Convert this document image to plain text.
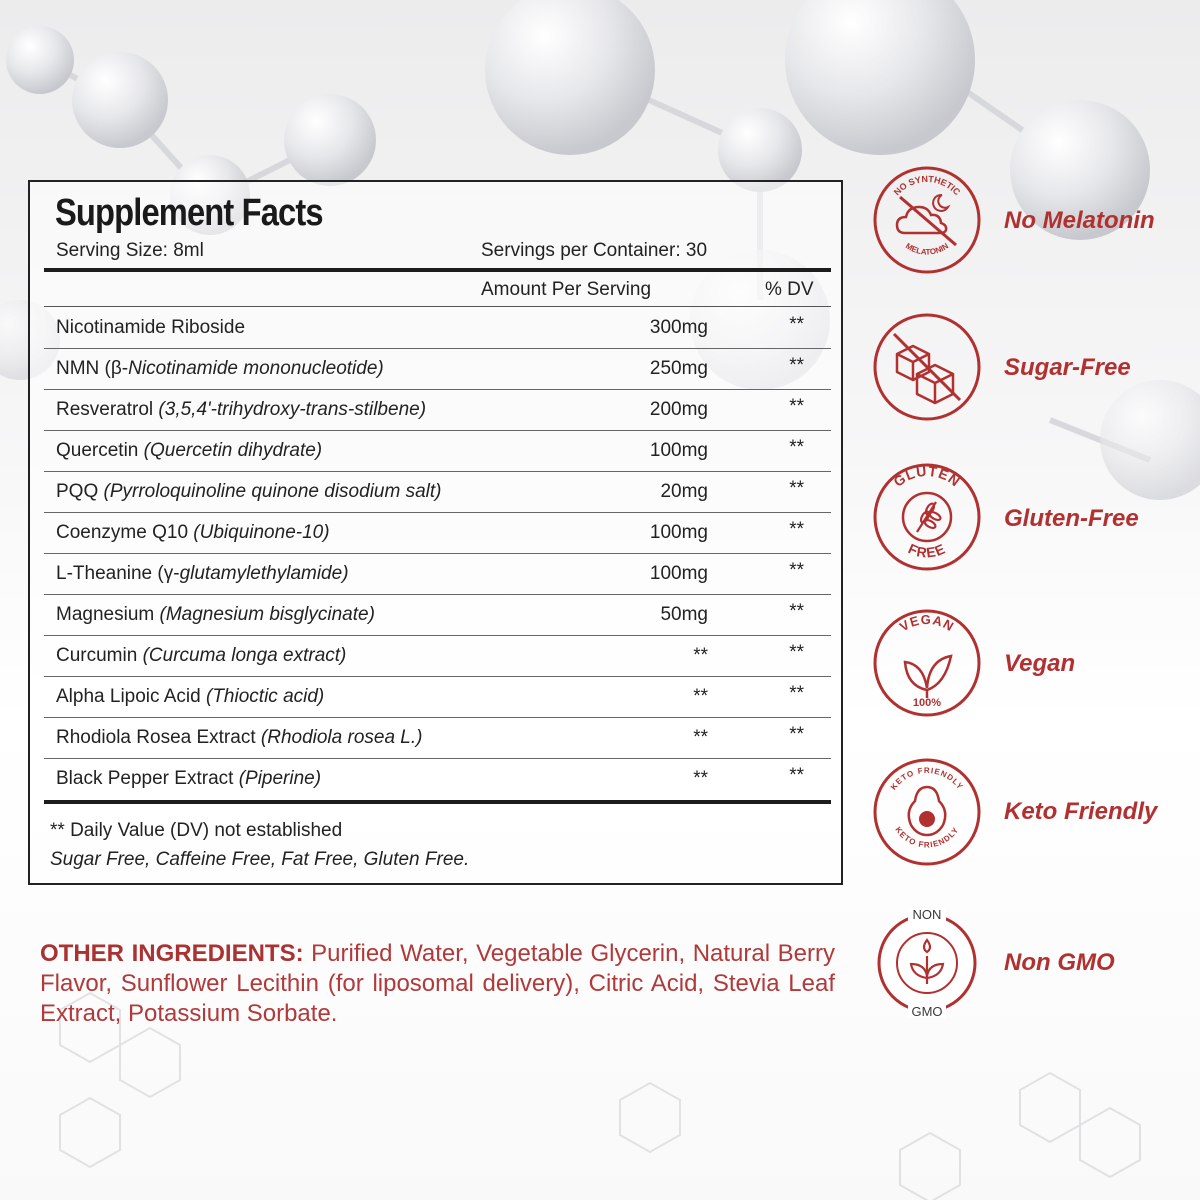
Supplement Facts
Serving Size: 8ml	Servings per Container: 30
Amount Per Serving	% DV
Nicotinamide Riboside	300mg	**
NMN (β-Nicotinamide mononucleotide)	250mg	**
Resveratrol (3,5,4'-trihydroxy-trans-stilbene)	200mg	**
Quercetin (Quercetin dihydrate)	100mg	**
PQQ (Pyrroloquinoline quinone disodium salt)	20mg	**
Coenzyme Q10 (Ubiquinone-10)	100mg	**
L-Theanine (γ-glutamylethylamide)	100mg	**
Magnesium (Magnesium bisglycinate)	50mg	**
Curcumin (Curcuma longa extract)	**	**
Alpha Lipoic Acid (Thioctic acid)	**	**
Rhodiola Rosea Extract (Rhodiola rosea L.)	**	**
Black Pepper Extract (Piperine)	**	**
** Daily Value (DV) not established
Sugar Free, Caffeine Free, Fat Free, Gluten Free.

OTHER INGREDIENTS: Purified Water, Vegetable Glycerin, Natural Berry Flavor, Sunflower Lecithin (for liposomal delivery), Citric Acid, Stevia Leaf Extract, Potassium Sorbate.

NO SYNTHETIC
MELATONIN
No Melatonin
Sugar-Free
GLUTEN
FREE
Gluten-Free
VEGAN
100%
Vegan
KETO FRIENDLY
KETO FRIENDLY
Keto Friendly
NON
GMO
Non GMO
